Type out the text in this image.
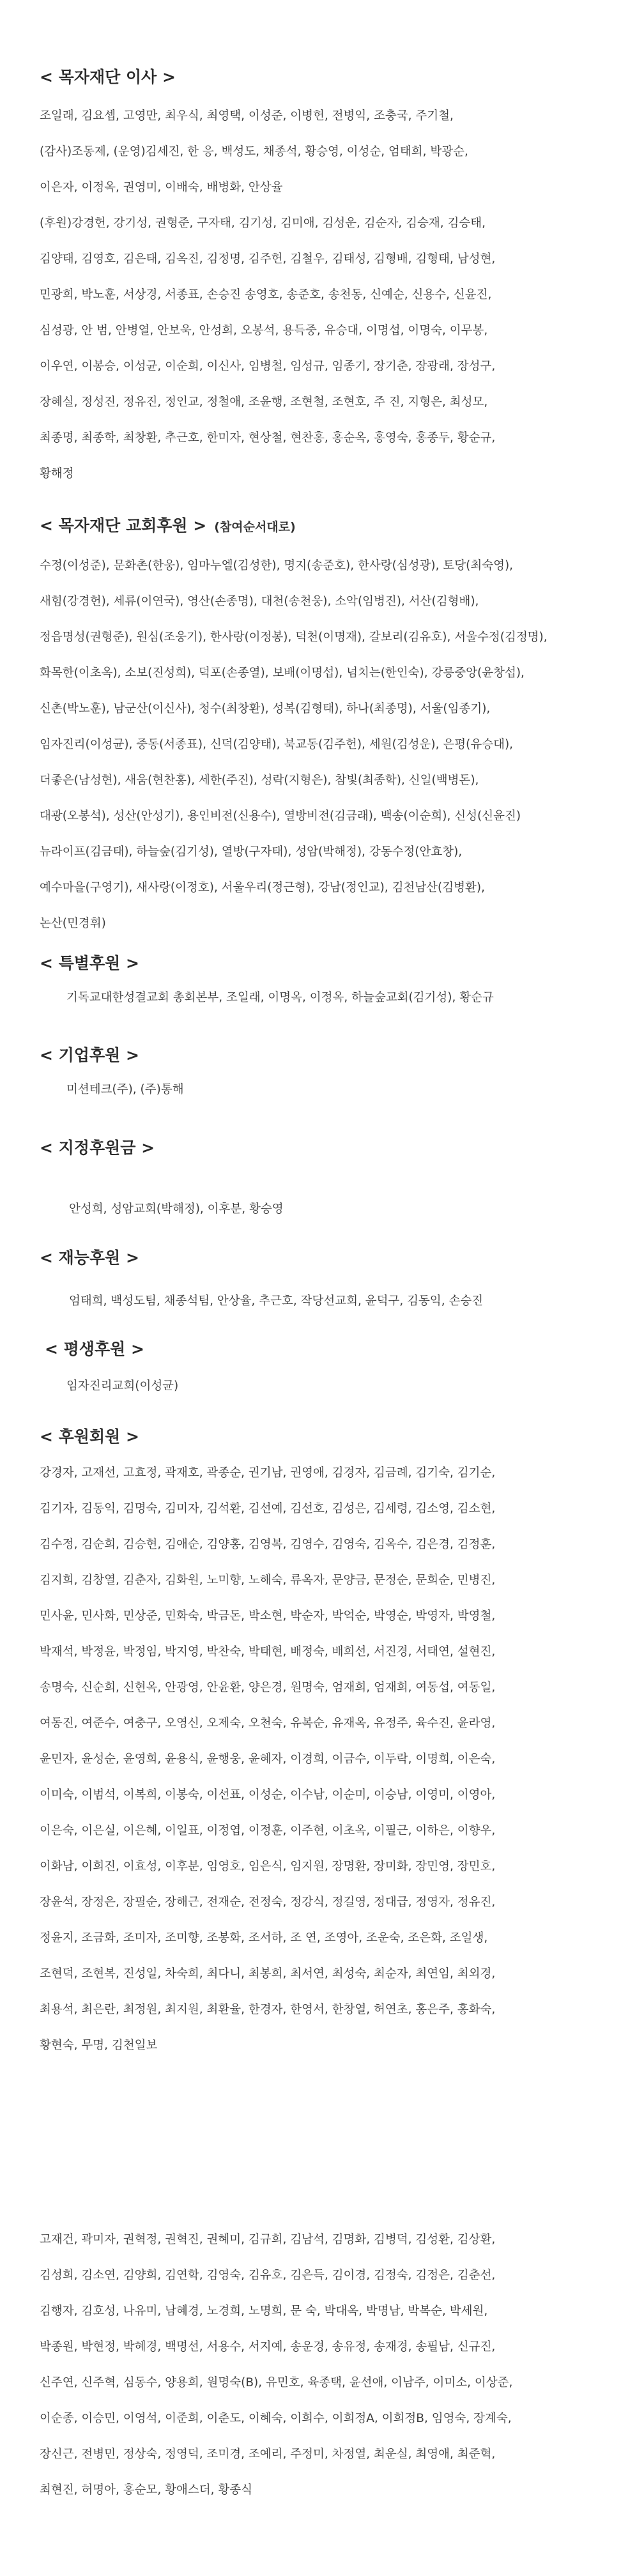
< 목자재단 이사 >
조일래, 김요셉, 고영만, 최우식, 최영택, 이성준, 이병헌, 전병익, 조충국, 주기철,
(감사)조동제, (운영)김세진, 한 응, 백성도, 채종석, 황승영, 이성순, 엄태희, 박광순,
이은자, 이정옥, 권영미, 이배숙, 배병화, 안상율
(후원)강경헌, 강기성, 권형준, 구자태, 김기성, 김미애, 김성운, 김순자, 김승재, 김승태,
김양태, 김영호, 김은태, 김옥진, 김정명, 김주헌, 김철우, 김태성, 김형배, 김형태, 남성현,
민광희, 박노훈, 서상경, 서종표, 손승진 송영호, 송준호, 송천동, 신예순, 신용수, 신윤진,
심성광, 안 범, 안병열, 안보욱, 안성희, 오봉석, 용득중, 유승대, 이명섭, 이명숙, 이무봉,
이우연, 이봉승, 이성균, 이순희, 이신사, 임병철, 임성규, 임종기, 장기춘, 장광래, 장성구,
장혜실, 정성진, 정유진, 정인교, 정철애, 조윤행, 조현철, 조현호, 주 진, 지형은, 최성모,
최종명, 최종학, 최창환, 추근호, 한미자, 현상철, 현찬홍, 홍순옥, 홍영숙, 홍종두, 황순규,
황해정
< 목자재단 교회후원 > (참여순서대로)
수정(이성준), 문화촌(한웅), 임마누엘(김성한), 명지(송준호), 한사랑(심성광), 토당(최숙영),
새힘(강경헌), 세류(이연국), 영산(손종명), 대천(송천웅), 소악(임병진), 서산(김형배),
정읍명성(권형준), 원심(조웅기), 한사랑(이정봉), 덕천(이명재), 갈보리(김유호), 서울수정(김정명),
화목한(이초옥), 소보(진성희), 덕포(손종열), 보배(이명섭), 넘치는(한인숙), 강릉중앙(윤창섭),
신촌(박노훈), 남군산(이신사), 청수(최창환), 성복(김형태), 하나(최종명), 서울(임종기),
임자진리(이성균), 중동(서종표), 신덕(김양태), 북교동(김주헌), 세원(김성운), 은평(유승대),
더좋은(남성현), 새움(현찬홍), 세한(주진), 성락(지형은), 참빛(최종학), 신일(백병돈),
대광(오봉석), 성산(안성기), 용인비전(신용수), 열방비전(김금래), 백송(이순희), 신성(신윤진)
뉴라이프(김금태), 하늘숲(김기성), 열방(구자태), 성암(박해정), 강동수정(안효창),
예수마을(구영기), 새사랑(이정호), 서울우리(정근형), 강남(정인교), 김천남산(김병환),
논산(민경휘)
< 특별후원 >
기독교대한성결교회 총회본부, 조일래, 이명옥, 이정옥, 하늘숲교회(김기성), 황순규
< 기업후원 >
미션테크(주), (주)통해
< 지정후원금 >
안성희, 성암교회(박해정), 이후분, 황승영
< 재능후원 >
엄태희, 백성도팀, 채종석팀, 안상율, 추근호, 작당선교회, 윤덕구, 김동익, 손승진
< 평생후원 >
임자진리교회(이성균)
< 후원회원 >
강경자, 고재선, 고효정, 곽재호, 곽종순, 권기남, 권영애, 김경자, 김금례, 김기숙, 김기순,
김기자, 김동익, 김명숙, 김미자, 김석환, 김선예, 김선호, 김성은, 김세령, 김소영, 김소현,
김수정, 김순희, 김승현, 김애순, 김양홍, 김영복, 김영수, 김영숙, 김옥수, 김은경, 김정훈,
김지희, 김창열, 김춘자, 김화원, 노미향, 노해숙, 류옥자, 문양금, 문정순, 문희순, 민병진,
민사윤, 민사화, 민상준, 민화숙, 박금돈, 박소현, 박순자, 박억순, 박영순, 박영자, 박영철,
박재석, 박정윤, 박정임, 박지영, 박찬숙, 박태현, 배정숙, 배희선, 서진경, 서태연, 설현진,
송명숙, 신순희, 신현옥, 안광영, 안윤환, 양은경, 원명숙, 엄재희, 엄재희, 여동섭, 여동일,
여동진, 여준수, 여충구, 오영신, 오제숙, 오천숙, 유복순, 유재옥, 유정주, 육수진, 윤라영,
윤민자, 윤성순, 윤영희, 윤용식, 윤행웅, 윤혜자, 이경희, 이금수, 이두락, 이명희, 이은숙,
이미숙, 이범석, 이복희, 이봉숙, 이선표, 이성순, 이수남, 이순미, 이승남, 이영미, 이영아,
이은숙, 이은실, 이은혜, 이일표, 이정엽, 이정훈, 이주현, 이초옥, 이필근, 이하은, 이향우,
이화남, 이희진, 이효성, 이후분, 임영호, 임은식, 임지원, 장명환, 장미화, 장민영, 장민호,
장윤석, 장정은, 장필순, 장해근, 전재순, 전정숙, 정강식, 정길영, 정대급, 정영자, 정유진,
정윤지, 조금화, 조미자, 조미향, 조봉화, 조서하, 조 연, 조영아, 조운숙, 조은화, 조일생,
조현덕, 조현복, 진성일, 차숙희, 최다니, 최봉희, 최서연, 최성숙, 최순자, 최연임, 최외경,
최용석, 최은란, 최정원, 최지원, 최환율, 한경자, 한영서, 한창열, 허연초, 홍은주, 홍화숙,
황현숙, 무명, 김천일보
고재건, 곽미자, 권혁정, 권혁진, 권혜미, 김규희, 김남석, 김명화, 김병덕, 김성환, 김상환,
김성희, 김소연, 김양희, 김연학, 김영숙, 김유호, 김은득, 김이경, 김정숙, 김정은, 김춘선,
김행자, 김호성, 나유미, 남혜경, 노경희, 노명희, 문 숙, 박대옥, 박명남, 박복순, 박세원,
박종원, 박현정, 박혜경, 백명선, 서용수, 서지예, 송운경, 송유정, 송재경, 송필남, 신규진,
신주연, 신주혁, 심동수, 양용희, 원명숙(B), 유민호, 육종택, 윤선애, 이남주, 이미소, 이상준,
이순종, 이승민, 이영석, 이준희, 이춘도, 이혜숙, 이희수, 이희정A, 이희정B, 임영숙, 장계숙,
장신근, 전병민, 정상숙, 정영덕, 조미경, 조예리, 주정미, 차정열, 최운실, 최영애, 최준혁,
최현진, 허명아, 홍순모, 황애스더, 황종식
